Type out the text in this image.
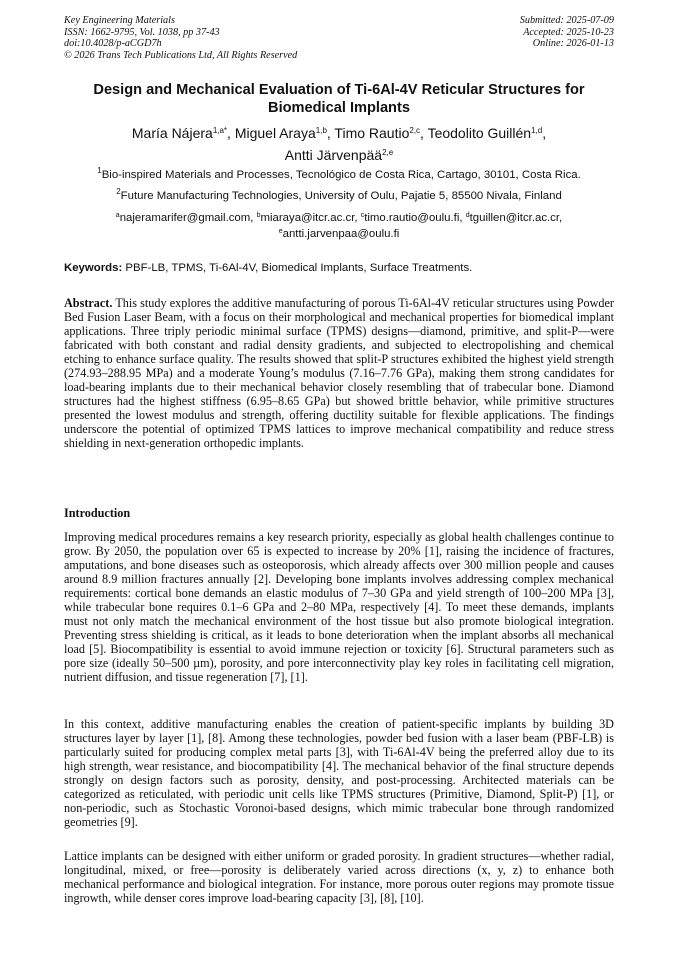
Key Engineering Materials
ISSN: 1662-9795, Vol. 1038, pp 37-43
doi:10.4028/p-aCGD7h
© 2026 Trans Tech Publications Ltd, All Rights Reserved
Submitted: 2025-07-09
Accepted: 2025-10-23
Online: 2026-01-13
Design and Mechanical Evaluation of Ti-6Al-4V Reticular Structures for Biomedical Implants
María Nájera$^{1,a*}$, Miguel Araya$^{1,b}$, Timo Rautio$^{2,c}$, Teodolito Guillén$^{1,d}$,
Antti Järvenpää$^{2,e}$
$^1$Bio-inspired Materials and Processes, Tecnológico de Costa Rica, Cartago, 30101, Costa Rica.
$^2$Future Manufacturing Technologies, University of Oulu, Pajatie 5, 85500 Nivala, Finland
$^a$najeramarifer@gmail.com, $^b$miaraya@itcr.ac.cr, $^c$timo.rautio@oulu.fi, $^d$tguillen@itcr.ac.cr,
$^e$antti.jarvenpaa@oulu.fi
Keywords: PBF-LB, TPMS, Ti-6Al-4V, Biomedical Implants, Surface Treatments.
Abstract. This study explores the additive manufacturing of porous Ti-6Al-4V reticular structures using Powder Bed Fusion Laser Beam, with a focus on their morphological and mechanical properties for biomedical implant applications. Three triply periodic minimal surface (TPMS) designs—diamond, primitive, and split-P—were fabricated with both constant and radial density gradients, and subjected to electropolishing and chemical etching to enhance surface quality. The results showed that split-P structures exhibited the highest yield strength (274.93–288.95 MPa) and a moderate Young’s modulus (7.16–7.76 GPa), making them strong candidates for load-bearing implants due to their mechanical behavior closely resembling that of trabecular bone. Diamond structures had the highest stiffness (6.95–8.65 GPa) but showed brittle behavior, while primitive structures presented the lowest modulus and strength, offering ductility suitable for flexible applications. The findings underscore the potential of optimized TPMS lattices to improve mechanical compatibility and reduce stress shielding in next-generation orthopedic implants.
Introduction
Improving medical procedures remains a key research priority, especially as global health challenges continue to grow. By 2050, the population over 65 is expected to increase by 20% [1], raising the incidence of fractures, amputations, and bone diseases such as osteoporosis, which already affects over 300 million people and causes around 8.9 million fractures annually [2]. Developing bone implants involves addressing complex mechanical requirements: cortical bone demands an elastic modulus of 7–30 GPa and yield strength of 100–200 MPa [3], while trabecular bone requires 0.1–6 GPa and 2–80 MPa, respectively [4]. To meet these demands, implants must not only match the mechanical environment of the host tissue but also promote biological integration. Preventing stress shielding is critical, as it leads to bone deterioration when the implant absorbs all mechanical load [5]. Biocompatibility is essential to avoid immune rejection or toxicity [6]. Structural parameters such as pore size (ideally 50–500 µm), porosity, and pore interconnectivity play key roles in facilitating cell migration, nutrient diffusion, and tissue regeneration [7], [1].
In this context, additive manufacturing enables the creation of patient-specific implants by building 3D structures layer by layer [1], [8]. Among these technologies, powder bed fusion with a laser beam (PBF-LB) is particularly suited for producing complex metal parts [3], with Ti-6Al-4V being the preferred alloy due to its high strength, wear resistance, and biocompatibility [4]. The mechanical behavior of the final structure depends strongly on design factors such as porosity, density, and post-processing. Architected materials can be categorized as reticulated, with periodic unit cells like TPMS structures (Primitive, Diamond, Split-P) [1], or non-periodic, such as Stochastic Voronoi-based designs, which mimic trabecular bone through randomized geometries [9].
Lattice implants can be designed with either uniform or graded porosity. In gradient structures—whether radial, longitudinal, mixed, or free—porosity is deliberately varied across directions (x, y, z) to enhance both mechanical performance and biological integration. For instance, more porous outer regions may promote tissue ingrowth, while denser cores improve load-bearing capacity [3], [8], [10].
